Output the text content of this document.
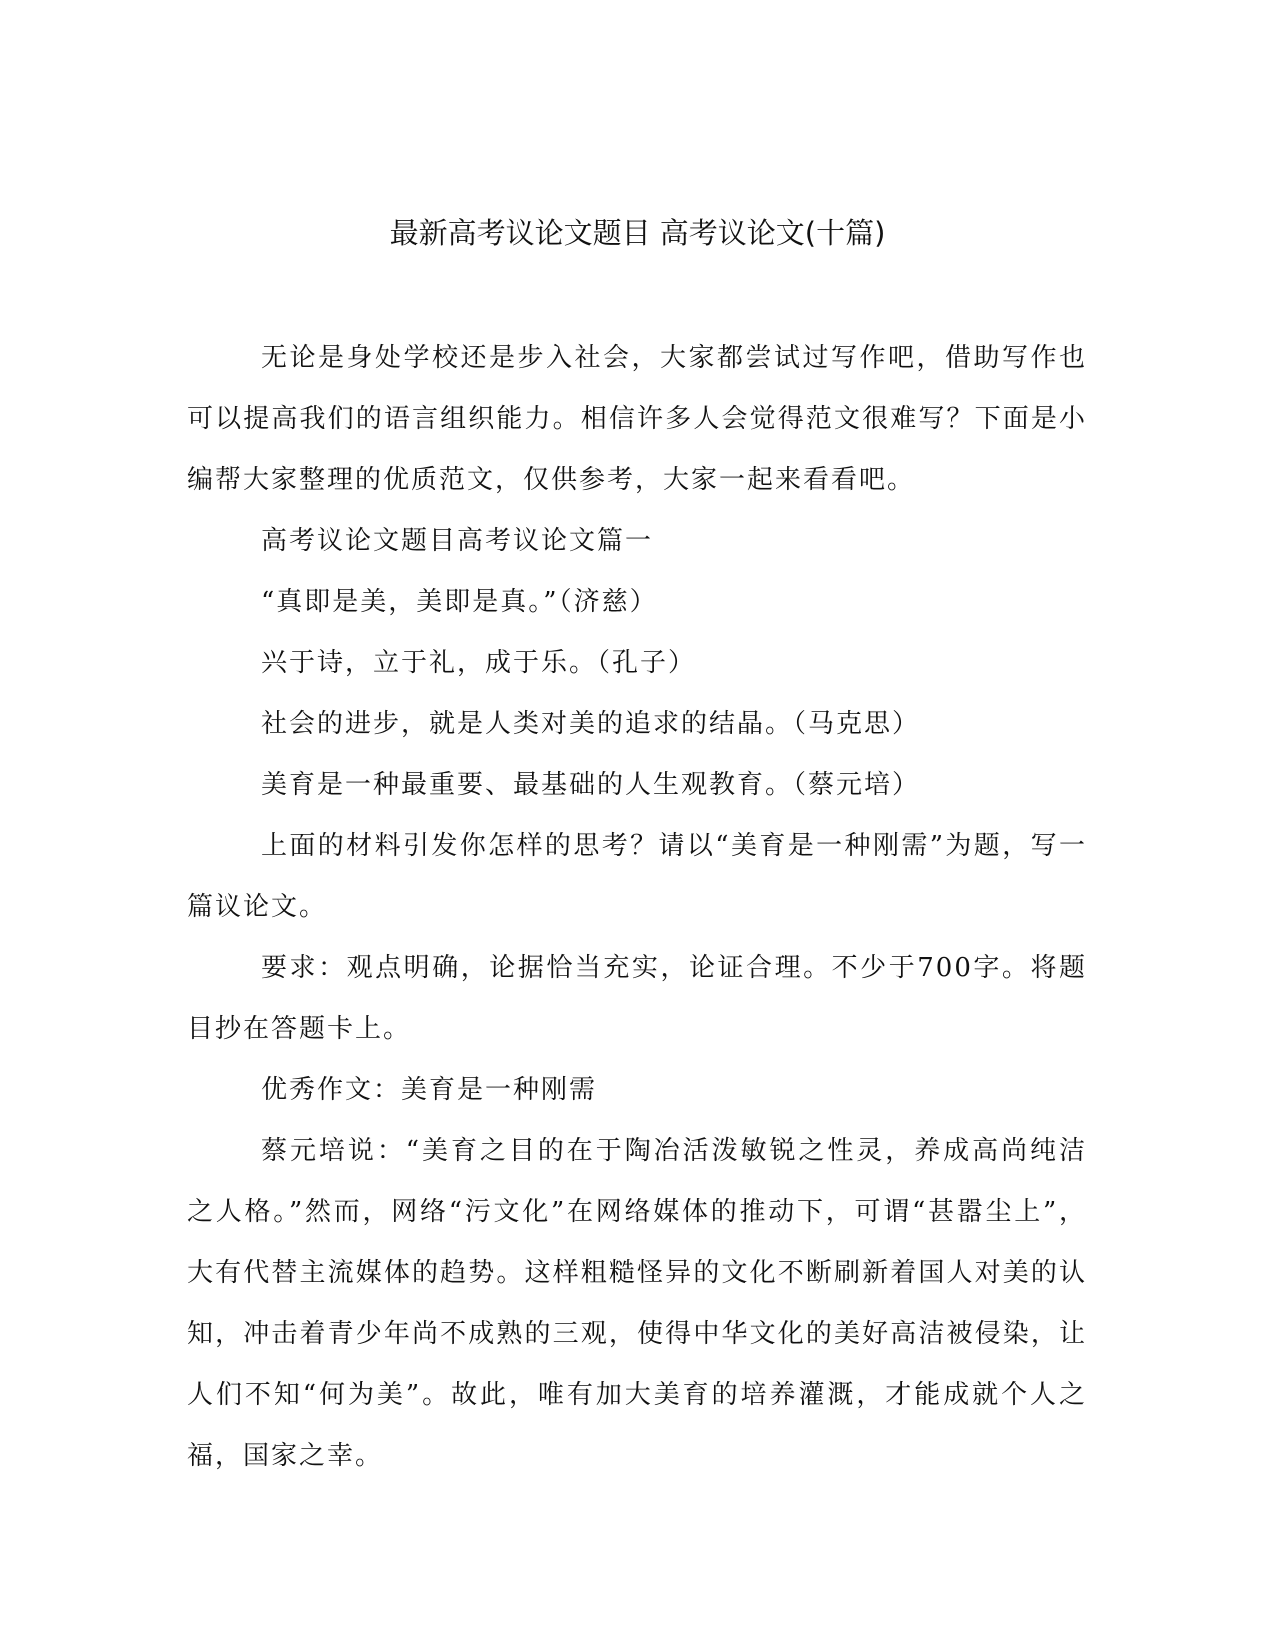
最新高考议论文题目 高考议论文(十篇)

无论是身处学校还是步入社会，大家都尝试过写作吧，借助写作也可以提高我们的语言组织能力。相信许多人会觉得范文很难写？下面是小编帮大家整理的优质范文，仅供参考，大家一起来看看吧。

高考议论文题目高考议论文篇一

“真即是美，美即是真。”（济慈）

兴于诗，立于礼，成于乐。（孔子）

社会的进步，就是人类对美的追求的结晶。（马克思）

美育是一种最重要、最基础的人生观教育。（蔡元培）

上面的材料引发你怎样的思考？请以“美育是一种刚需”为题，写一篇议论文。

要求：观点明确，论据恰当充实，论证合理。不少于700字。将题目抄在答题卡上。

优秀作文：美育是一种刚需

蔡元培说：“美育之目的在于陶冶活泼敏锐之性灵，养成高尚纯洁之人格。”然而，网络“污文化”在网络媒体的推动下，可谓“甚嚣尘上”，大有代替主流媒体的趋势。这样粗糙怪异的文化不断刷新着国人对美的认知，冲击着青少年尚不成熟的三观，使得中华文化的美好高洁被侵染，让人们不知“何为美”。故此，唯有加大美育的培养灌溉，才能成就个人之福，国家之幸。
